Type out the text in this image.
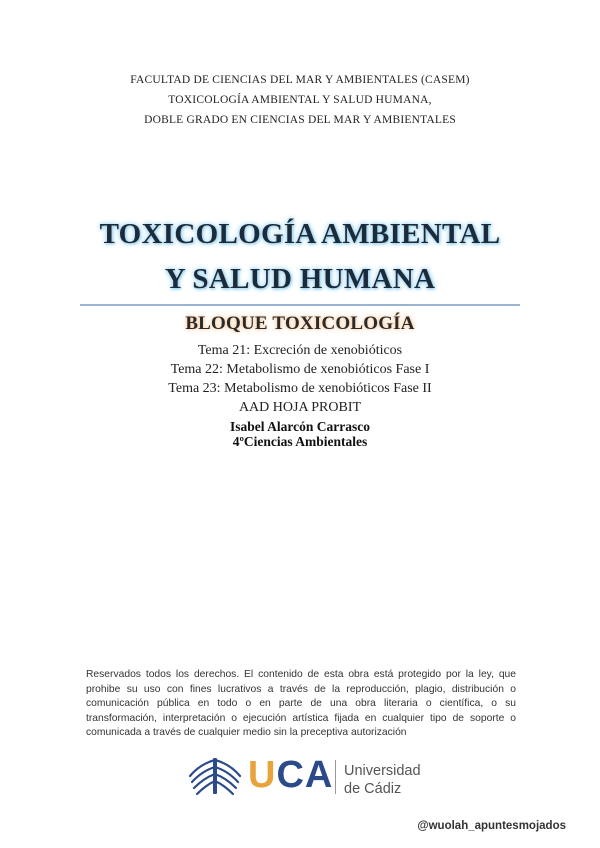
FACULTAD DE CIENCIAS DEL MAR Y AMBIENTALES (CASEM)
TOXICOLOGÍA AMBIENTAL Y SALUD HUMANA,
DOBLE GRADO EN CIENCIAS DEL MAR Y AMBIENTALES
TOXICOLOGÍA AMBIENTAL
Y SALUD HUMANA
BLOQUE TOXICOLOGÍA
Tema 21: Excreción de xenobióticos
Tema 22: Metabolismo de xenobióticos Fase I
Tema 23: Metabolismo de xenobióticos Fase II
AAD HOJA PROBIT
Isabel Alarcón Carrasco
4ºCiencias Ambientales
Reservados todos los derechos. El contenido de esta obra está protegido por la ley, que prohibe su uso con fines lucrativos a través de la reproducción, plagio, distribución o comunicación pública en todo o en parte de una obra literaria o científica, o su transformación, interpretación o ejecución artística fijada en cualquier tipo de soporte o comunicada a través de cualquier medio sin la preceptiva autorización
UCA Universidad
de Cádiz
@wuolah_apuntesmojados
